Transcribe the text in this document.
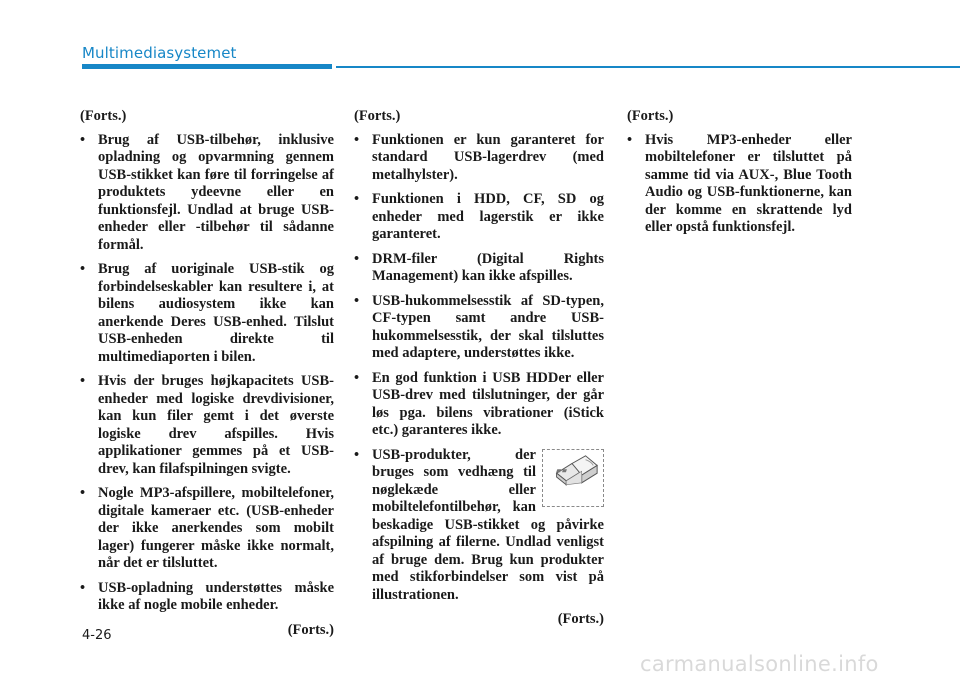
Multimediasystemet
(Forts.)
• Brug af USB-tilbehør, inklusive opladning og opvarmning gennem USB-stikket kan føre til forringelse af produktets ydeevne eller en funktionsfejl. Undlad at bruge USB-enheder eller -tilbehør til sådanne formål.
• Brug af uoriginale USB-stik og forbindelseskabler kan resultere i, at bilens audiosystem ikke kan anerkende Deres USB-enhed. Tilslut USB-enheden direkte til multimediaporten i bilen.
• Hvis der bruges højkapacitets USB-enheder med logiske drevdivisioner, kan kun filer gemt i det øverste logiske drev afspilles. Hvis applikationer gemmes på et USB-drev, kan filafspilningen svigte.
• Nogle MP3-afspillere, mobiltelefoner, digitale kameraer etc. (USB-enheder der ikke anerkendes som mobilt lager) fungerer måske ikke normalt, når det er tilsluttet.
• USB-opladning understøttes måske ikke af nogle mobile enheder.
(Forts.)
(Forts.)
• Funktionen er kun garanteret for standard USB-lagerdrev (med metalhylster).
• Funktionen i HDD, CF, SD og enheder med lagerstik er ikke garanteret.
• DRM-filer (Digital Rights Management) kan ikke afspilles.
• USB-hukommelsesstik af SD-typen, CF-typen samt andre USB-hukommelsesstik, der skal tilsluttes med adaptere, understøttes ikke.
• En god funktion i USB HDDer eller USB-drev med tilslutninger, der går løs pga. bilens vibrationer (iStick etc.) garanteres ikke.
• USB-produkter, der bruges som vedhæng til nøglekæde eller mobiltelefontilbehør, kan beskadige USB-stikket og påvirke afspilning af filerne. Undlad venligst af bruge dem. Brug kun produkter med stikforbindelser som vist på illustrationen.
(Forts.)
(Forts.)
• Hvis MP3-enheder eller mobiltelefoner er tilsluttet på samme tid via AUX-, Blue Tooth Audio og USB-funktionerne, kan der komme en skrattende lyd eller opstå funktionsfejl.
4-26
carmanualsonline.info
